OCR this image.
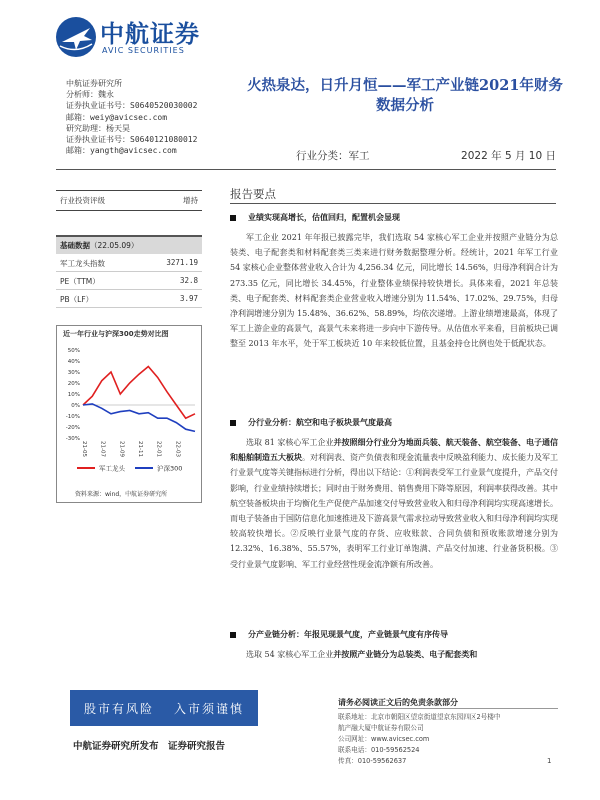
中航证券
AVIC SECURITIES
中航证券研究所
分析师：魏永
证券执业证书号：S0640520030002
邮箱：weiy@avicsec.com
研究助理：杨天昊
证券执业证书号：S0640121080012
邮箱：yangth@avicsec.com
火热泉达，日升月恒——军工产业链2021年财务数据分析
行业分类：军工	2022 年 5 月 10 日
行业投资评级	增持
基础数据（22.05.09）
军工龙头指数	3271.19
PE（TTM）	32.8
PB（LF）	3.97
近一年行业与沪深300走势对比图
50%
40%
30%
20%
10%
0%
-10%
-20%
-30%
21-05 21-07 21-09 21-11 22-01 22-03
军工龙头	沪深300
资料来源：wind，中航证券研究所
报告要点
业绩实现高增长，估值回归，配置机会显现

军工企业 2021 年年报已披露完毕，我们选取 54 家核心军工企业并按照产业链分为总装类、电子配套类和材料配套类三类来进行财务数据整理分析。经统计，2021 年军工行业 54 家核心企业整体营业收入合计为 4,256.34 亿元，同比增长 14.56%，归母净利润合计为 273.35 亿元，同比增长 34.45%，行业整体业绩保持较快增长。具体来看，2021 年总装类、电子配套类、材料配套类企业营业收入增速分别为 11.54%、17.02%、29.75%，归母净利润增速分别为 15.48%、36.62%、58.89%，均依次递增。上游业绩增速最高，体现了军工上游企业的高景气，高景气未来将进一步向中下游传导。从估值水平来看，目前板块已调整至 2013 年水平，处于军工板块近 10 年来较低位置，且基金持仓比例也处于低配状态。

分行业分析：航空和电子板块景气度最高

选取 81 家核心军工企业并按照细分行业分为地面兵装、航天装备、航空装备、电子通信和船舶制造五大板块。对利润表、资产负债表和现金流量表中反映盈利能力、成长能力及军工行业景气度等关键指标进行分析，得出以下结论：①利润表受军工行业景气度提升，产品交付影响，行业业绩持续增长；同时由于财务费用、销售费用下降等原因，利润率获得改善。其中航空装备板块由于均衡化生产促使产品加速交付导致营业收入和归母净利润均实现高速增长。而电子装备由于国防信息化加速推进及下游高景气需求拉动导致营业收入和归母净利润均实现较高较快增长。②反映行业景气度的存货、应收账款、合同负债和预收账款增速分别为 12.32%、16.38%、55.57%，表明军工行业订单饱满、产品交付加速、行业备货积极。③受行业景气度影响、军工行业经营性现金流净额有所改善。

分产业链分析：年报见现景气度，产业链景气度有序传导

选取 54 家核心军工企业并按照产业链分为总装类、电子配套类和

股市有风险 入市须谨慎
中航证券研究所发布 证券研究报告
请务必阅读正文后的免责条款部分
联系地址：北京市朝阳区望京街道望京东园四区2号楼中
航产融大厦中航证券有限公司
公司网址：www.avicsec.com
联系电话：010-59562524
传真：010-59562637	1
